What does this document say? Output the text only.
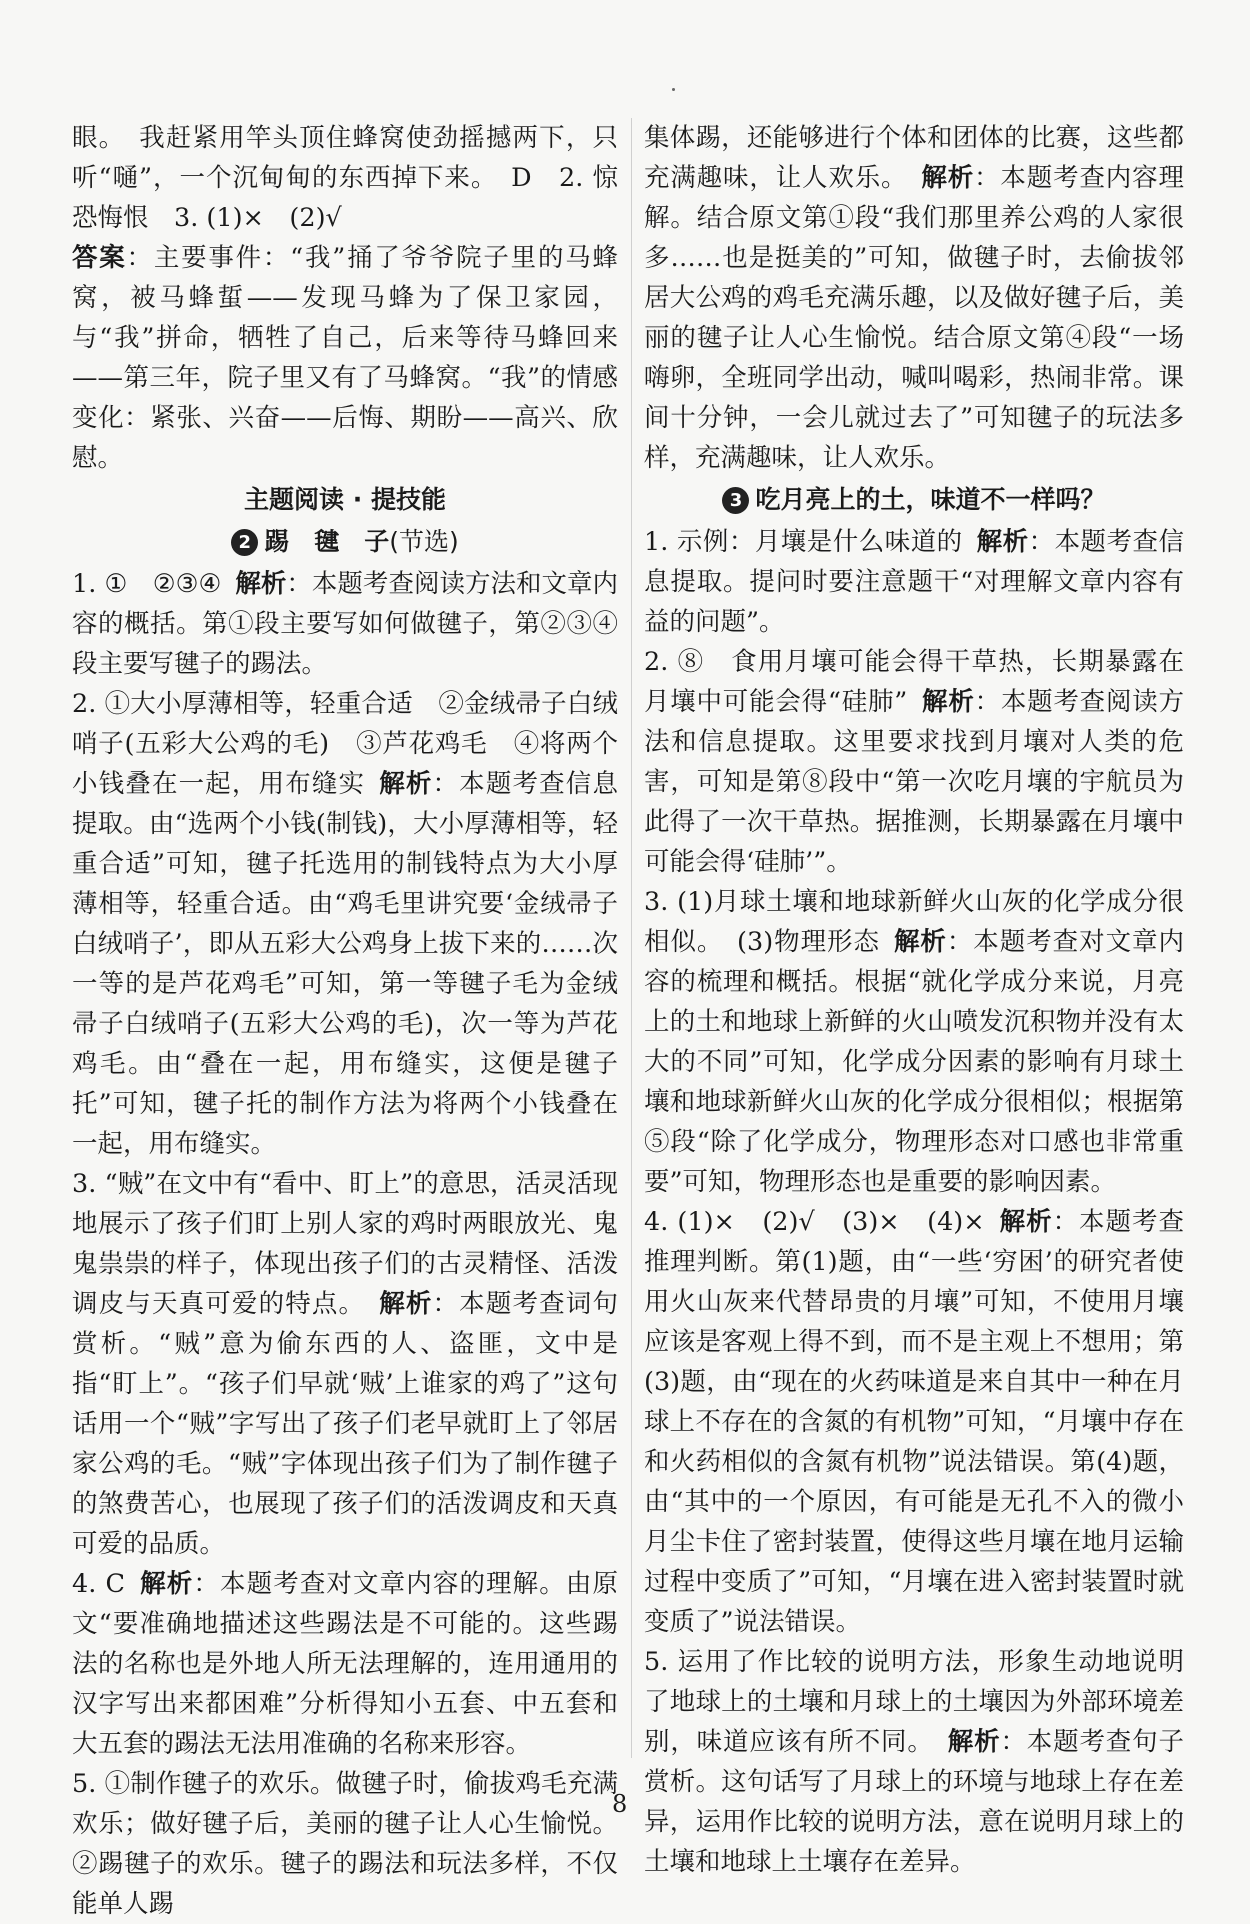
眼。　我赶紧用竿头顶住蜂窝使劲摇撼两下，只听“嗵”，一个沉甸甸的东西掉下来。　D　2. 惊恐悔恨　3. (1)×　(2)√

答案：主要事件：“我”捅了爷爷院子里的马蜂窝，被马蜂蜇——发现马蜂为了保卫家园，与“我”拼命，牺牲了自己，后来等待马蜂回来——第三年，院子里又有了马蜂窝。“我”的情感变化：紧张、兴奋——后悔、期盼——高兴、欣慰。

主题阅读 · 提技能
2 踢　毽　子(节选)

1. ①　②③④ 解析：本题考查阅读方法和文章内容的概括。第①段主要写如何做毽子，第②③④段主要写毽子的踢法。

2. ①大小厚薄相等，轻重合适　②金绒帚子白绒哨子(五彩大公鸡的毛)　③芦花鸡毛　④将两个小钱叠在一起，用布缝实 解析：本题考查信息提取。由“选两个小钱(制钱)，大小厚薄相等，轻重合适”可知，毽子托选用的制钱特点为大小厚薄相等，轻重合适。由“鸡毛里讲究要‘金绒帚子白绒哨子’，即从五彩大公鸡身上拔下来的……次一等的是芦花鸡毛”可知，第一等毽子毛为金绒帚子白绒哨子(五彩大公鸡的毛)，次一等为芦花鸡毛。由“叠在一起，用布缝实，这便是毽子托”可知，毽子托的制作方法为将两个小钱叠在一起，用布缝实。

3. “贼”在文中有“看中、盯上”的意思，活灵活现地展示了孩子们盯上别人家的鸡时两眼放光、鬼鬼祟祟的样子，体现出孩子们的古灵精怪、活泼调皮与天真可爱的特点。 解析：本题考查词句赏析。“贼”意为偷东西的人、盗匪，文中是指“盯上”。“孩子们早就‘贼’上谁家的鸡了”这句话用一个“贼”字写出了孩子们老早就盯上了邻居家公鸡的毛。“贼”字体现出孩子们为了制作毽子的煞费苦心，也展现了孩子们的活泼调皮和天真可爱的品质。

4. C 解析：本题考查对文章内容的理解。由原文“要准确地描述这些踢法是不可能的。这些踢法的名称也是外地人所无法理解的，连用通用的汉字写出来都困难”分析得知小五套、中五套和大五套的踢法无法用准确的名称来形容。

5. ①制作毽子的欢乐。做毽子时，偷拔鸡毛充满欢乐；做好毽子后，美丽的毽子让人心生愉悦。②踢毽子的欢乐。毽子的踢法和玩法多样，不仅能单人踢

集体踢，还能够进行个体和团体的比赛，这些都充满趣味，让人欢乐。 解析：本题考查内容理解。结合原文第①段“我们那里养公鸡的人家很多……也是挺美的”可知，做毽子时，去偷拔邻居大公鸡的鸡毛充满乐趣，以及做好毽子后，美丽的毽子让人心生愉悦。结合原文第④段“一场嗨卵，全班同学出动，喊叫喝彩，热闹非常。课间十分钟，一会儿就过去了”可知毽子的玩法多样，充满趣味，让人欢乐。

3 吃月亮上的土，味道不一样吗？

1. 示例：月壤是什么味道的 解析：本题考查信息提取。提问时要注意题干“对理解文章内容有益的问题”。

2. ⑧　食用月壤可能会得干草热，长期暴露在月壤中可能会得“硅肺” 解析：本题考查阅读方法和信息提取。这里要求找到月壤对人类的危害，可知是第⑧段中“第一次吃月壤的宇航员为此得了一次干草热。据推测，长期暴露在月壤中可能会得‘硅肺’”。

3. (1)月球土壤和地球新鲜火山灰的化学成分很相似。　(3)物理形态 解析：本题考查对文章内容的梳理和概括。根据“就化学成分来说，月亮上的土和地球上新鲜的火山喷发沉积物并没有太大的不同”可知，化学成分因素的影响有月球土壤和地球新鲜火山灰的化学成分很相似；根据第⑤段“除了化学成分，物理形态对口感也非常重要”可知，物理形态也是重要的影响因素。

4. (1)×　(2)√　(3)×　(4)× 解析：本题考查推理判断。第(1)题，由“一些‘穷困’的研究者使用火山灰来代替昂贵的月壤”可知，不使用月壤应该是客观上得不到，而不是主观上不想用；第(3)题，由“现在的火药味道是来自其中一种在月球上不存在的含氮的有机物”可知，“月壤中存在和火药相似的含氮有机物”说法错误。第(4)题，由“其中的一个原因，有可能是无孔不入的微小月尘卡住了密封装置，使得这些月壤在地月运输过程中变质了”可知，“月壤在进入密封装置时就变质了”说法错误。

5. 运用了作比较的说明方法，形象生动地说明了地球上的土壤和月球上的土壤因为外部环境差别，味道应该有所不同。 解析：本题考查句子赏析。这句话写了月球上的环境与地球上存在差异，运用作比较的说明方法，意在说明月球上的土壤和地球上土壤存在差异。

8
